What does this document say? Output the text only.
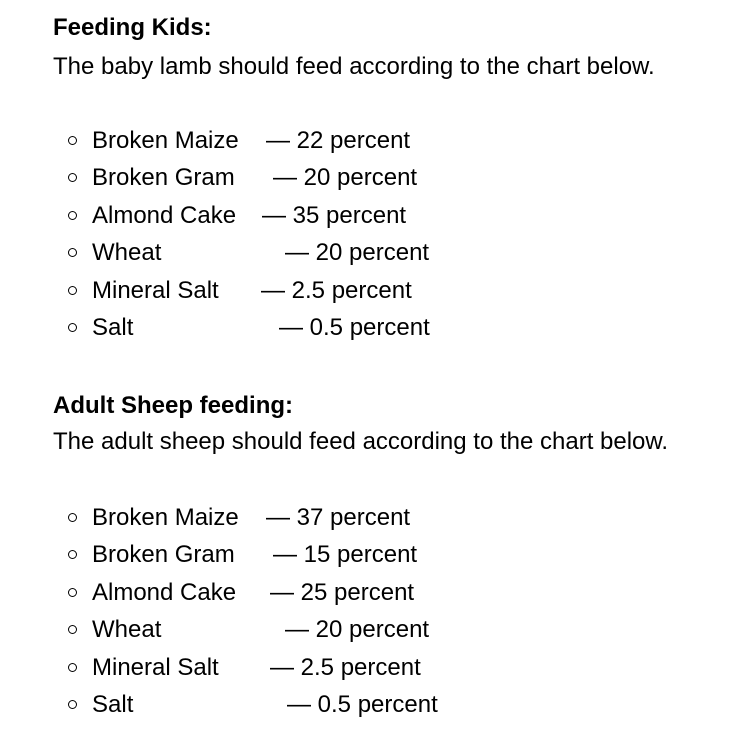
Feeding Kids:
The baby lamb should feed according to the chart below.
Broken Maize — 22 percent
Broken Gram — 20 percent
Almond Cake — 35 percent
Wheat	— 20 percent
Mineral Salt — 2.5 percent
Salt	— 0.5 percent
Adult Sheep feeding:
The adult sheep should feed according to the chart below.
Broken Maize — 37 percent
Broken Gram — 15 percent
Almond Cake — 25 percent
Wheat	— 20 percent
Mineral Salt — 2.5 percent
Salt	— 0.5 percent
